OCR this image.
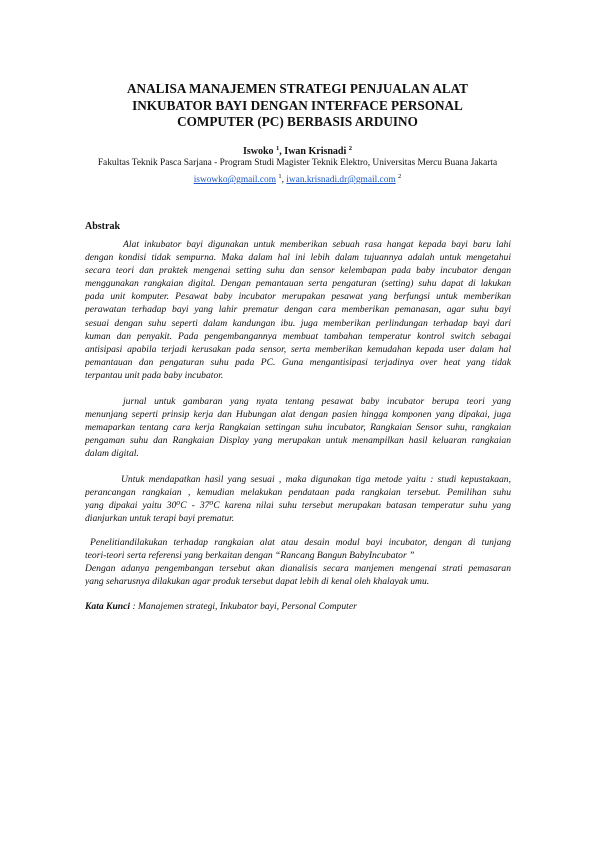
ANALISA MANAJEMEN STRATEGI PENJUALAN ALAT
INKUBATOR BAYI DENGAN INTERFACE PERSONAL
COMPUTER (PC) BERBASIS ARDUINO
Iswoko $^1$, Iwan Krisnadi $^2$
Fakultas Teknik Pasca Sarjana - Program Studi Magister Teknik Elektro, Universitas Mercu Buana Jakarta
iswowko@gmail.com $^1$, iwan.krisnadi.dr@gmail.com $^2$
Abstrak

Alat inkubator bayi digunakan untuk memberikan sebuah rasa hangat kepada bayi baru lahi
dengan kondisi tidak sempurna. Maka dalam hal ini lebih dalam tujuannya adalah untuk mengetahui
secara teori dan praktek mengenai setting suhu dan sensor kelembapan pada baby incubator dengan
menggunakan rangkaian digital. Dengan pemantauan serta pengaturan (setting) suhu dapat di lakukan
pada unit komputer. Pesawat baby incubator merupakan pesawat yang berfungsi untuk memberikan
perawatan terhadap bayi yang lahir prematur dengan cara memberikan pemanasan, agar suhu bayi
sesuai dengan suhu seperti dalam kandungan ibu. juga memberikan perlindungan terhadap bayi dari
kuman dan penyakit. Pada pengembangannya membuat tambahan temperatur kontrol switch sebagai
antisipasi apabila terjadi kerusakan pada sensor, serta memberikan kemudahan kepada user dalam hal
pemantauan dan pengaturan suhu pada PC. Guna mengantisipasi terjadinya over heat yang tidak
terpantau unit pada baby incubator.

jurnal untuk gambaran yang nyata tentang pesawat baby incubator berupa teori yang
menunjang seperti prinsip kerja dan Hubungan alat dengan pasien hingga komponen yang dipakai, juga
memaparkan tentang cara kerja Rangkaian settingan suhu incubator, Rangkaian Sensor suhu, rangkaian
pengaman suhu dan Rangkaian Display yang merupakan untuk menampilkan hasil keluaran rangkaian
dalam digital.

Untuk mendapatkan hasil yang sesuai , maka digunakan tiga metode yaitu : studi kepustakaan,
perancangan rangkaian , kemudian melakukan pendataan pada rangkaian tersebut. Pemilihan suhu
yang dipakai yaitu 30⁰C - 37⁰C karena nilai suhu tersebut merupakan batasan temperatur suhu yang
dianjurkan untuk terapi bayi prematur.

Penelitiandilakukan terhadap rangkaian alat atau desain modul bayi incubator, dengan di tunjang
teori-teori serta referensi yang berkaitan dengan “Rancang Bangun BabyIncubator ”
Dengan adanya pengembangan tersebut akan dianalisis secara manjemen mengenai strati pemasaran
yang seharusnya dilakukan agar produk tersebut dapat lebih di kenal oleh khalayak umu.

Kata Kunci : Manajemen strategi, Inkubator bayi, Personal Computer
